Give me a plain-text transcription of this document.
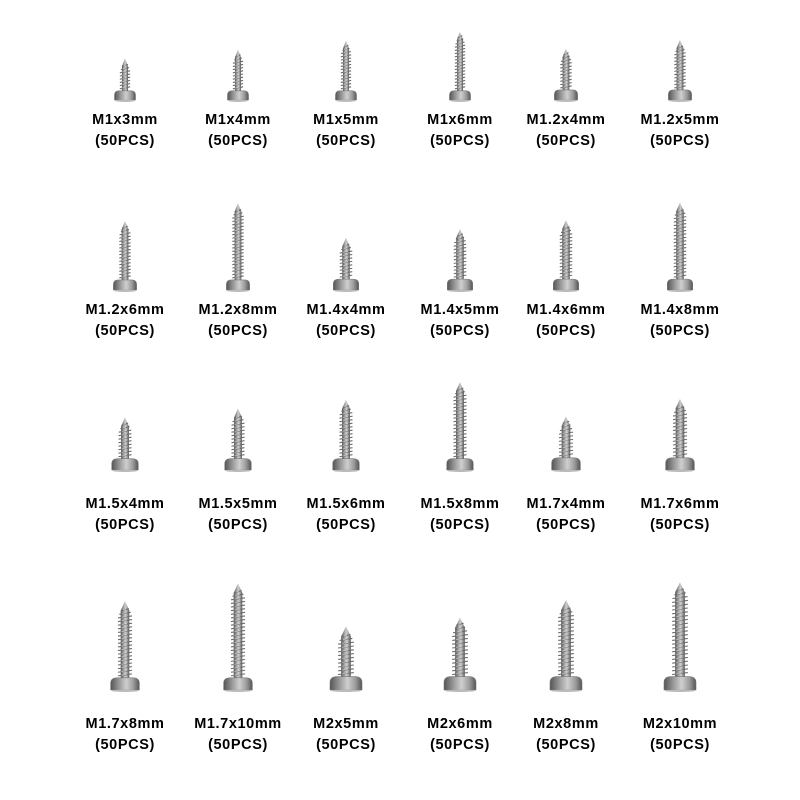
M1x3mm
(50PCS)
M1x4mm
(50PCS)
M1x5mm
(50PCS)
M1x6mm
(50PCS)
M1.2x4mm
(50PCS)
M1.2x5mm
(50PCS)
M1.2x6mm
(50PCS)
M1.2x8mm
(50PCS)
M1.4x4mm
(50PCS)
M1.4x5mm
(50PCS)
M1.4x6mm
(50PCS)
M1.4x8mm
(50PCS)
M1.5x4mm
(50PCS)
M1.5x5mm
(50PCS)
M1.5x6mm
(50PCS)
M1.5x8mm
(50PCS)
M1.7x4mm
(50PCS)
M1.7x6mm
(50PCS)
M1.7x8mm
(50PCS)
M1.7x10mm
(50PCS)
M2x5mm
(50PCS)
M2x6mm
(50PCS)
M2x8mm
(50PCS)
M2x10mm
(50PCS)
